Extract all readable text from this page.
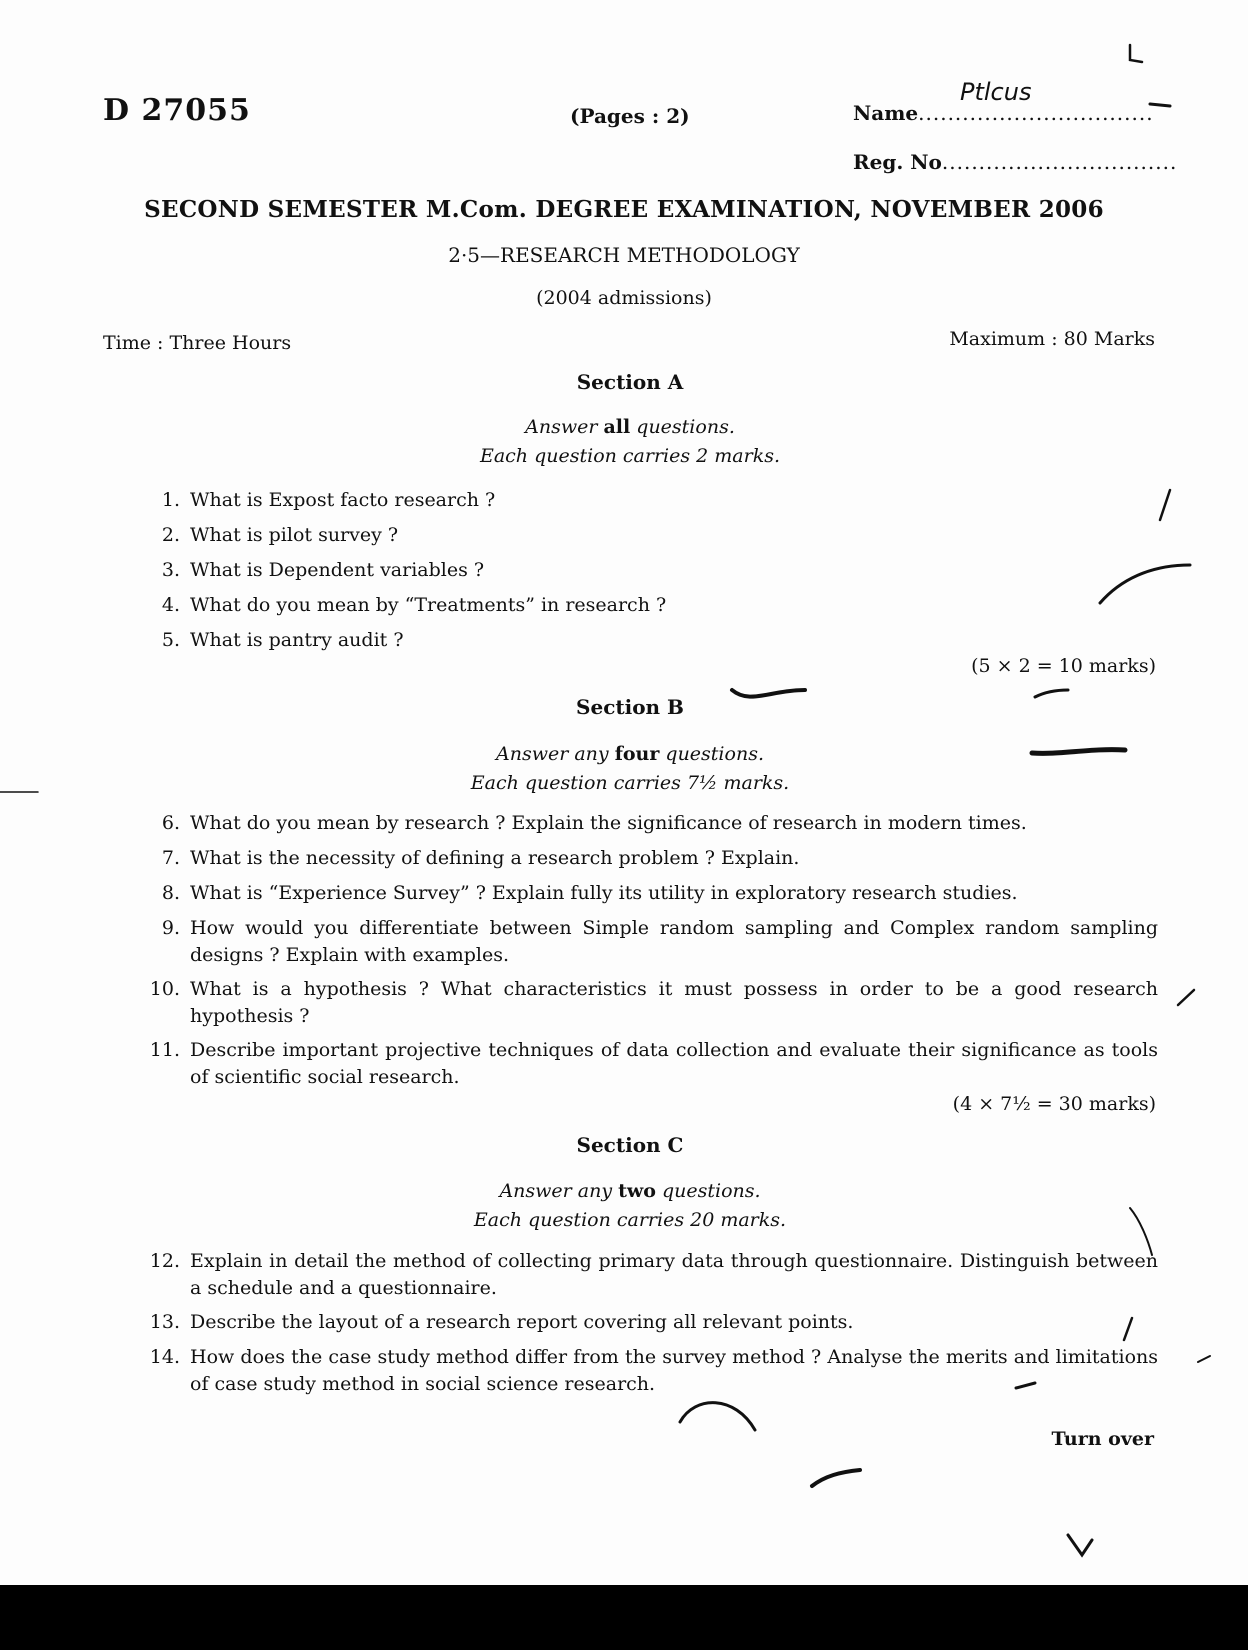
D 27055	(Pages : 2)	Name................................
Ptlcus
Reg. No................................
SECOND SEMESTER M.Com. DEGREE EXAMINATION, NOVEMBER 2006
2·5—RESEARCH METHODOLOGY
(2004 admissions)
Time : Three Hours	Maximum : 80 Marks
Section A
Answer all questions.
Each question carries 2 marks.
1. What is Expost facto research ?
2. What is pilot survey ?
3. What is Dependent variables ?
4. What do you mean by “Treatments” in research ?
5. What is pantry audit ?
(5 × 2 = 10 marks)
Section B
Answer any four questions.
Each question carries 7½ marks.
6. What do you mean by research ? Explain the significance of research in modern times.
7. What is the necessity of defining a research problem ? Explain.
8. What is “Experience Survey” ? Explain fully its utility in exploratory research studies.
9. How would you differentiate between Simple random sampling and Complex random sampling designs ? Explain with examples.
10. What is a hypothesis ? What characteristics it must possess in order to be a good research hypothesis ?
11. Describe important projective techniques of data collection and evaluate their significance as tools of scientific social research.
(4 × 7½ = 30 marks)
Section C
Answer any two questions.
Each question carries 20 marks.
12. Explain in detail the method of collecting primary data through questionnaire. Distinguish between a schedule and a questionnaire.
13. Describe the layout of a research report covering all relevant points.
14. How does the case study method differ from the survey method ? Analyse the merits and limitations of case study method in social science research.
Turn over
